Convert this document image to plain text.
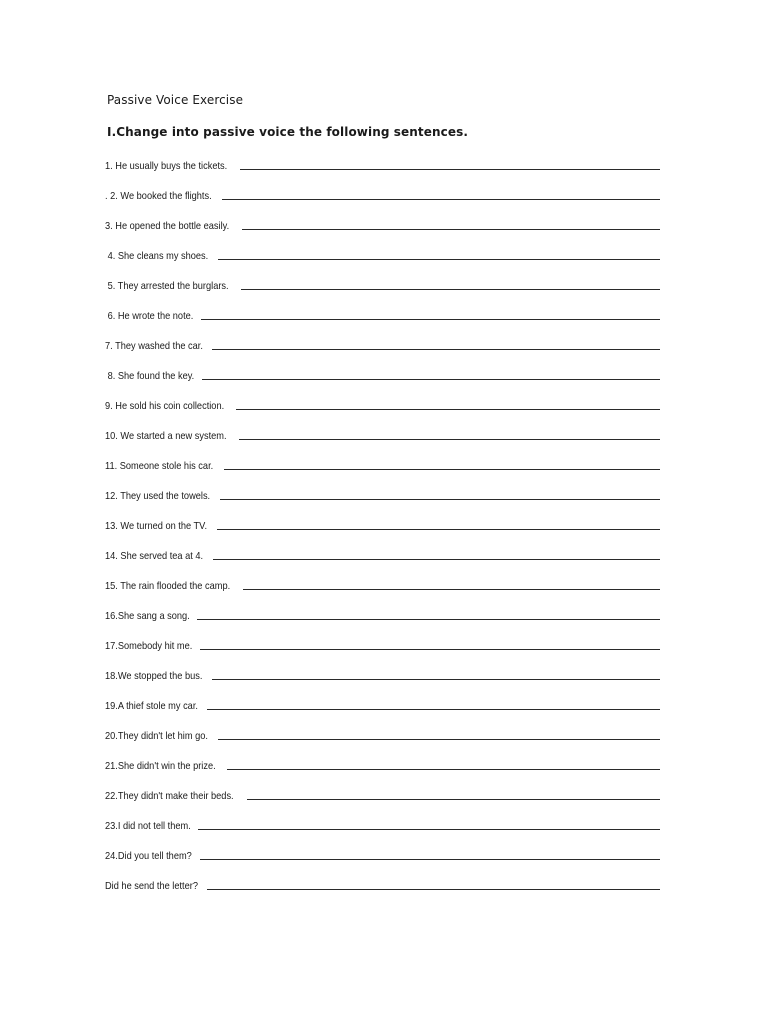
Passive Voice Exercise
I.Change into passive voice the following sentences.
1. He usually buys the tickets.
. 2. We booked the flights.
3. He opened the bottle easily.
4. She cleans my shoes.
5. They arrested the burglars.
6. He wrote the note.
7. They washed the car.
8. She found the key.
9. He sold his coin collection.
10. We started a new system.
11. Someone stole his car.
12. They used the towels.
13. We turned on the TV.
14. She served tea at 4.
15. The rain flooded the camp.
16.She sang a song.
17.Somebody hit me.
18.We stopped the bus.
19.A thief stole my car.
20.They didn't let him go.
21.She didn't win the prize.
22.They didn't make their beds.
23.I did not tell them.
24.Did you tell them?
Did he send the letter?
